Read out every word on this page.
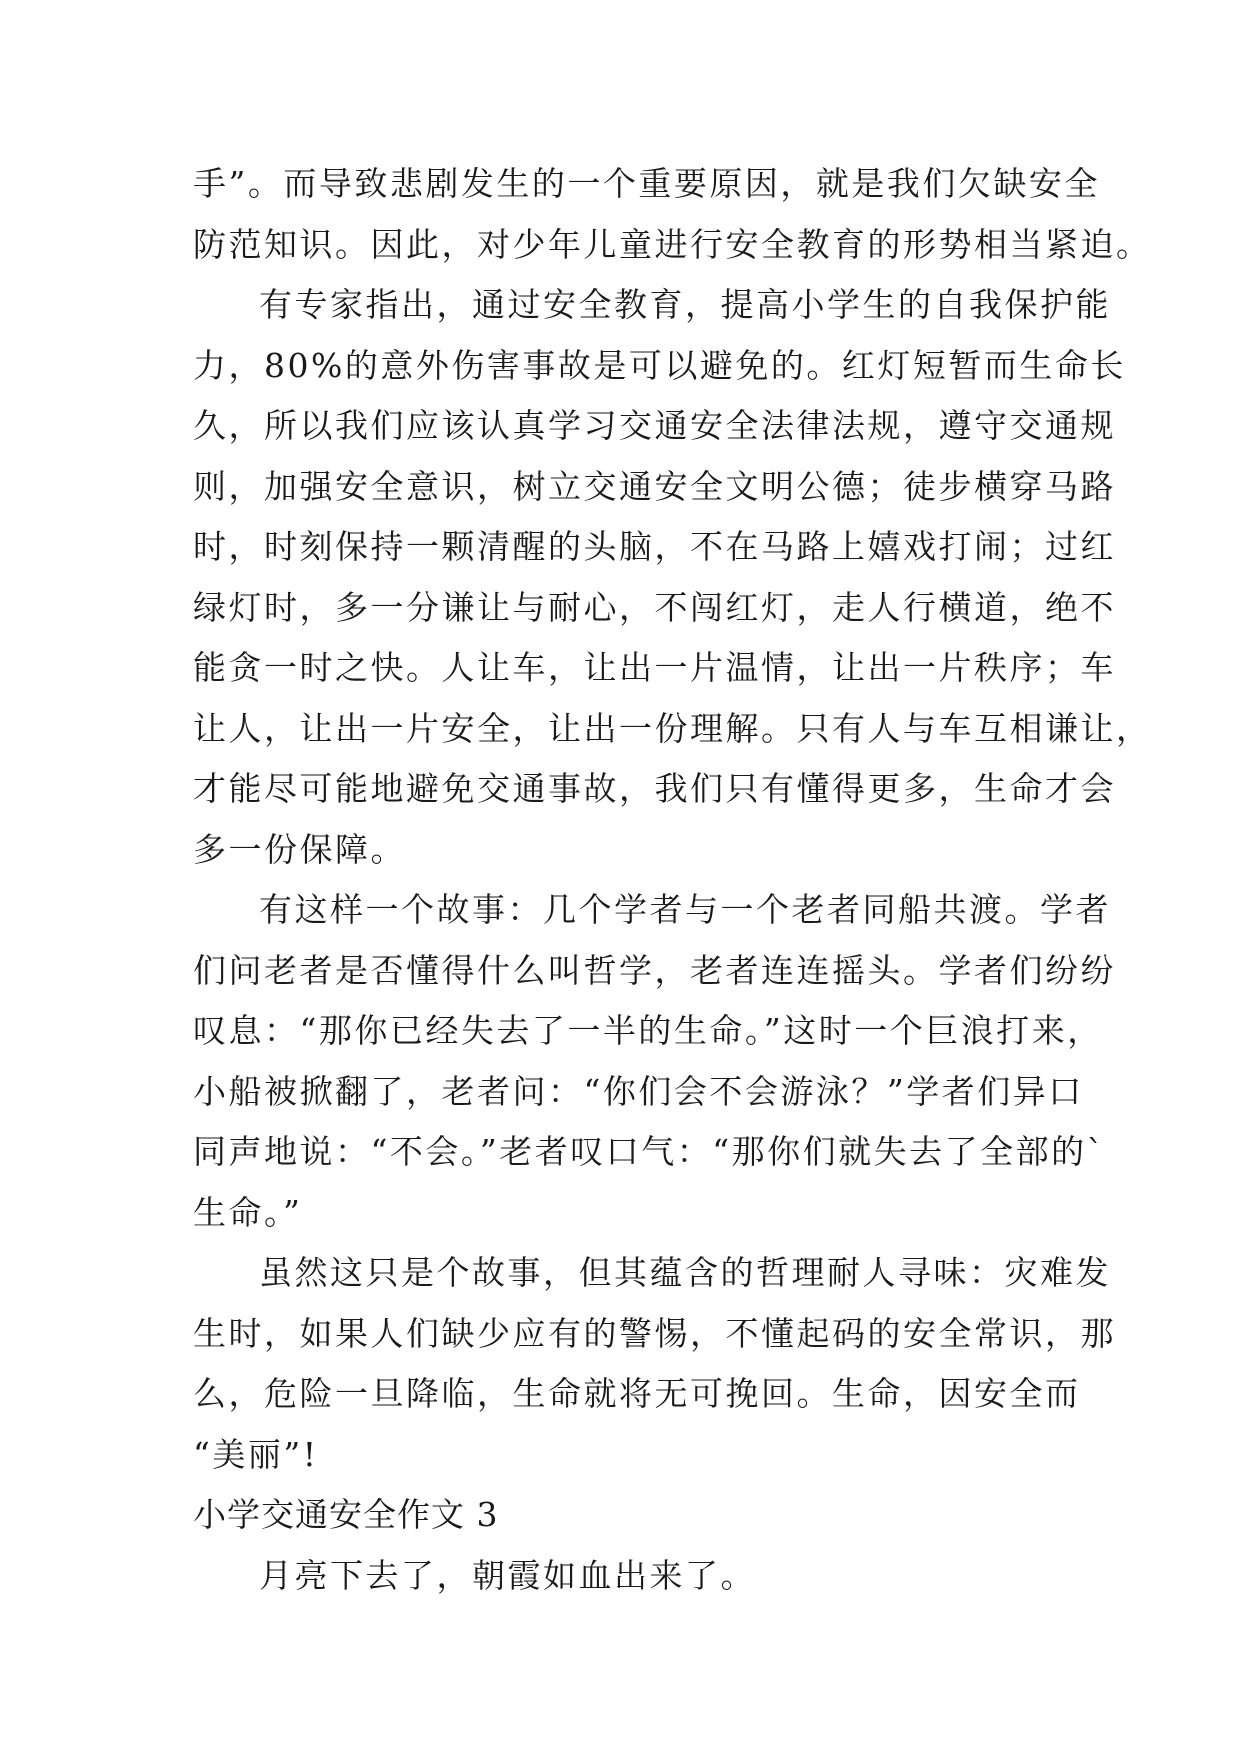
手”。而导致悲剧发生的一个重要原因，就是我们欠缺安全
防范知识。因此，对少年儿童进行安全教育的形势相当紧迫。
有专家指出，通过安全教育，提高小学生的自我保护能
力，80%的意外伤害事故是可以避免的。红灯短暂而生命长
久，所以我们应该认真学习交通安全法律法规，遵守交通规
则，加强安全意识，树立交通安全文明公德；徒步横穿马路
时，时刻保持一颗清醒的头脑，不在马路上嬉戏打闹；过红
绿灯时，多一分谦让与耐心，不闯红灯，走人行横道，绝不
能贪一时之快。人让车，让出一片温情，让出一片秩序；车
让人，让出一片安全，让出一份理解。只有人与车互相谦让，
才能尽可能地避免交通事故，我们只有懂得更多，生命才会
多一份保障。
有这样一个故事：几个学者与一个老者同船共渡。学者
们问老者是否懂得什么叫哲学，老者连连摇头。学者们纷纷
叹息：“那你已经失去了一半的生命。”这时一个巨浪打来，
小船被掀翻了，老者问：“你们会不会游泳？”学者们异口
同声地说：“不会。”老者叹口气：“那你们就失去了全部的`
生命。”
虽然这只是个故事，但其蕴含的哲理耐人寻味：灾难发
生时，如果人们缺少应有的警惕，不懂起码的安全常识，那
么，危险一旦降临，生命就将无可挽回。生命，因安全而
“美丽”!
小学交通安全作文 3
月亮下去了，朝霞如血出来了。
